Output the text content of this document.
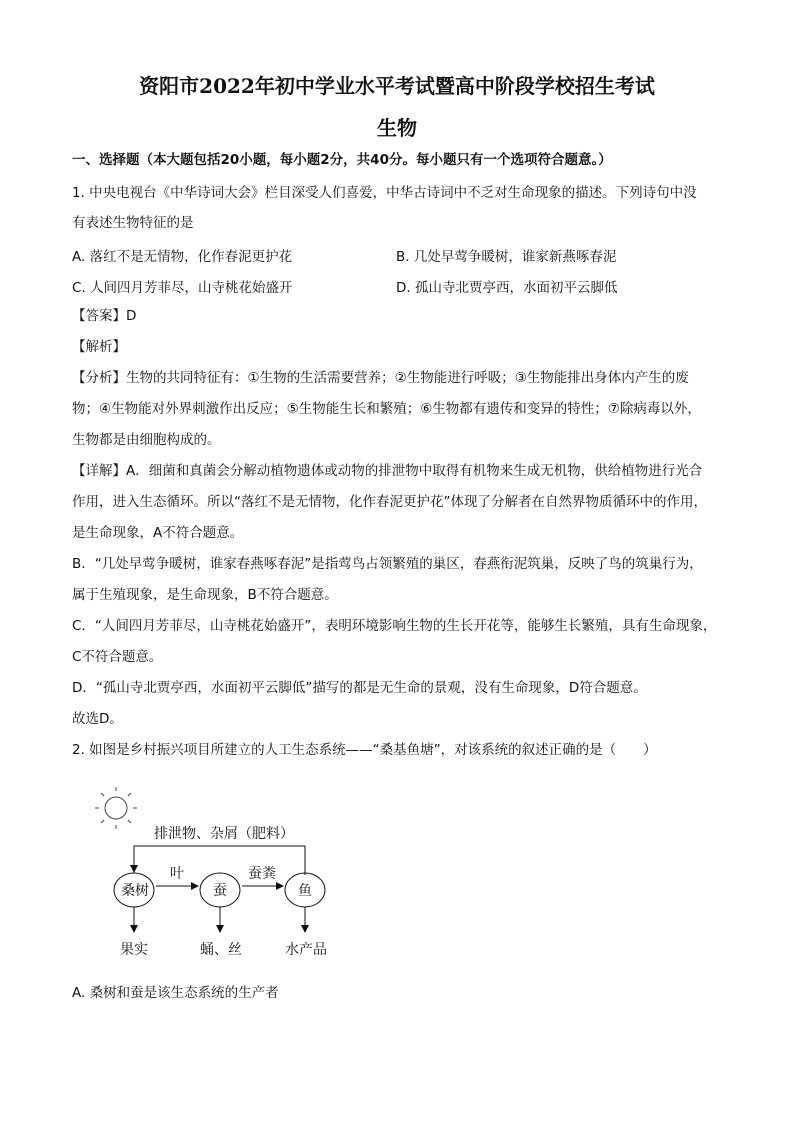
资阳市2022年初中学业水平考试暨高中阶段学校招生考试
生物
一、选择题（本大题包括20小题，每小题2分，共40分。每小题只有一个选项符合题意。）
1. 中央电视台《中华诗词大会》栏目深受人们喜爱，中华古诗词中不乏对生命现象的描述。下列诗句中没
有表述生物特征的是
A. 落红不是无情物，化作春泥更护花	B. 几处早莺争暖树，谁家新燕啄春泥
C. 人间四月芳菲尽，山寺桃花始盛开	D. 孤山寺北贾亭西，水面初平云脚低
【答案】D
【解析】
【分析】生物的共同特征有：①生物的生活需要营养；②生物能进行呼吸；③生物能排出身体内产生的废
物；④生物能对外界刺激作出反应；⑤生物能生长和繁殖；⑥生物都有遗传和变异的特性；⑦除病毒以外，
生物都是由细胞构成的。
【详解】A．细菌和真菌会分解动植物遗体或动物的排泄物中取得有机物来生成无机物，供给植物进行光合
作用，进入生态循环。所以“落红不是无情物，化作春泥更护花”体现了分解者在自然界物质循环中的作用，
是生命现象，A不符合题意。
B．“几处早莺争暖树，谁家春燕啄春泥”是指莺鸟占领繁殖的巢区，春燕衔泥筑巢，反映了鸟的筑巢行为，
属于生殖现象，是生命现象，B不符合题意。
C．“人间四月芳菲尽，山寺桃花始盛开”，表明环境影响生物的生长开花等，能够生长繁殖，具有生命现象，
C不符合题意。
D．“孤山寺北贾亭西，水面初平云脚低”描写的都是无生命的景观，没有生命现象，D符合题意。
故选D。
2. 如图是乡村振兴项目所建立的人工生态系统——“桑基鱼塘”，对该系统的叙述正确的是（　　）
排泄物、杂屑（肥料）
桑树	蚕	鱼
叶	蚕粪
果实	蛹、丝	水产品
A. 桑树和蚕是该生态系统的生产者
